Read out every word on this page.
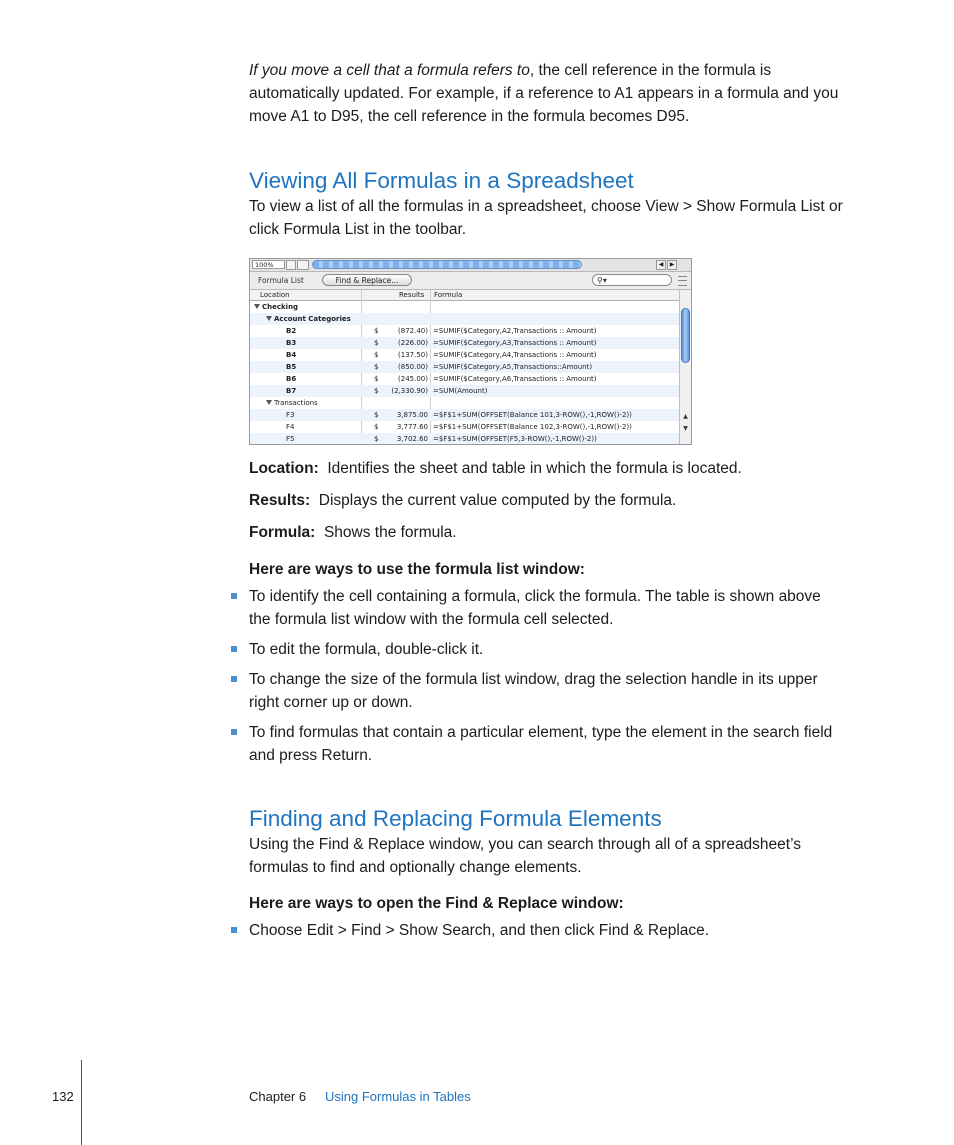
If you move a cell that a formula refers to, the cell reference in the formula is
automatically updated. For example, if a reference to A1 appears in a formula and you
move A1 to D95, the cell reference in the formula becomes D95.
Viewing All Formulas in a Spreadsheet
To view a list of all the formulas in a spreadsheet, choose View > Show Formula List or
click Formula List in the toolbar.
100%	◀	▶
Formula List	Find & Replace...	⚲▾
Location	Results Formula
Checking
Account Categories
B2	$	(872.40) =SUMIF($Category,A2,Transactions :: Amount)
B3	$	(226.00) =SUMIF($Category,A3,Transactions :: Amount)
B4	$	(137.50) =SUMIF($Category,A4,Transactions :: Amount)
B5	$	(850.00) =SUMIF($Category,A5,Transactions::Amount)
B6	$	(245.00) =SUMIF($Category,A6,Transactions :: Amount)
B7	$	(2,330.90) =SUM(Amount)
Transactions
F3	$	3,875.00 =$F$1+SUM(OFFSET(Balance 101,3-ROW(),-1,ROW()-2))
F4	$	3,777.60 =$F$1+SUM(OFFSET(Balance 102,3-ROW(),-1,ROW()-2))
F5	$	3,702.60 =$F$1+SUM(OFFSET(F5,3-ROW(),-1,ROW()-2))
▲
▼
Location: Identifies the sheet and table in which the formula is located.
Results: Displays the current value computed by the formula.
Formula: Shows the formula.
Here are ways to use the formula list window:
To identify the cell containing a formula, click the formula. The table is shown above
the formula list window with the formula cell selected.
To edit the formula, double-click it.
To change the size of the formula list window, drag the selection handle in its upper
right corner up or down.
To find formulas that contain a particular element, type the element in the search field
and press Return.
Finding and Replacing Formula Elements
Using the Find & Replace window, you can search through all of a spreadsheet’s
formulas to find and optionally change elements.
Here are ways to open the Find & Replace window:
Choose Edit > Find > Show Search, and then click Find & Replace.
132	Chapter 6 Using Formulas in Tables
